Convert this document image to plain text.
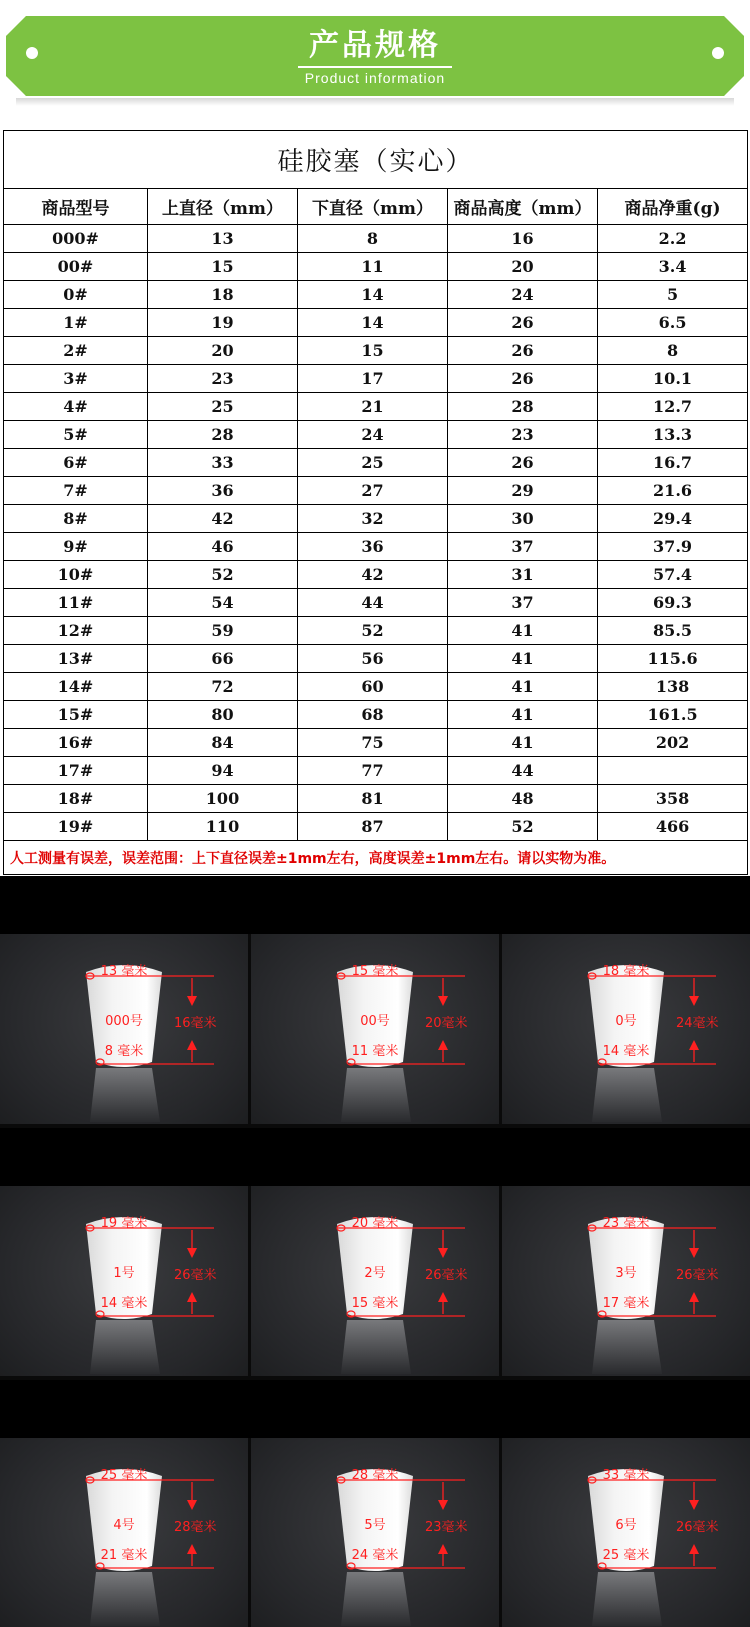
产品规格
Product information
硅胶塞（实心）				
商品型号	上直径（mm）	下直径（mm）	商品高度（mm）	商品净重(g)
000#	13	8	16	2.2
00#	15	11	20	3.4
0#	18	14	24	5
1#	19	14	26	6.5
2#	20	15	26	8
3#	23	17	26	10.1
4#	25	21	28	12.7
5#	28	24	23	13.3
6#	33	25	26	16.7
7#	36	27	29	21.6
8#	42	32	30	29.4
9#	46	36	37	37.9
10#	52	42	31	57.4
11#	54	44	37	69.3
12#	59	52	41	85.5
13#	66	56	41	115.6
14#	72	60	41	138
15#	80	68	41	161.5
16#	84	75	41	202
17#	94	77	44	
18#	100	81	48	358
19#	110	87	52	466
人工测量有误差，误差范围：上下直径误差±1mm左右，高度误差±1mm左右。请以实物为准。				
13 毫米
000号
8 毫米
16毫米
15 毫米
00号
11 毫米
20毫米
18 毫米
0号
14 毫米
24毫米
19 毫米
1号
14 毫米
26毫米
20 毫米
2号
15 毫米
26毫米
23 毫米
3号
17 毫米
26毫米
25 毫米
4号
21 毫米
28毫米
28 毫米
5号
24 毫米
23毫米
33 毫米
6号
25 毫米
26毫米
